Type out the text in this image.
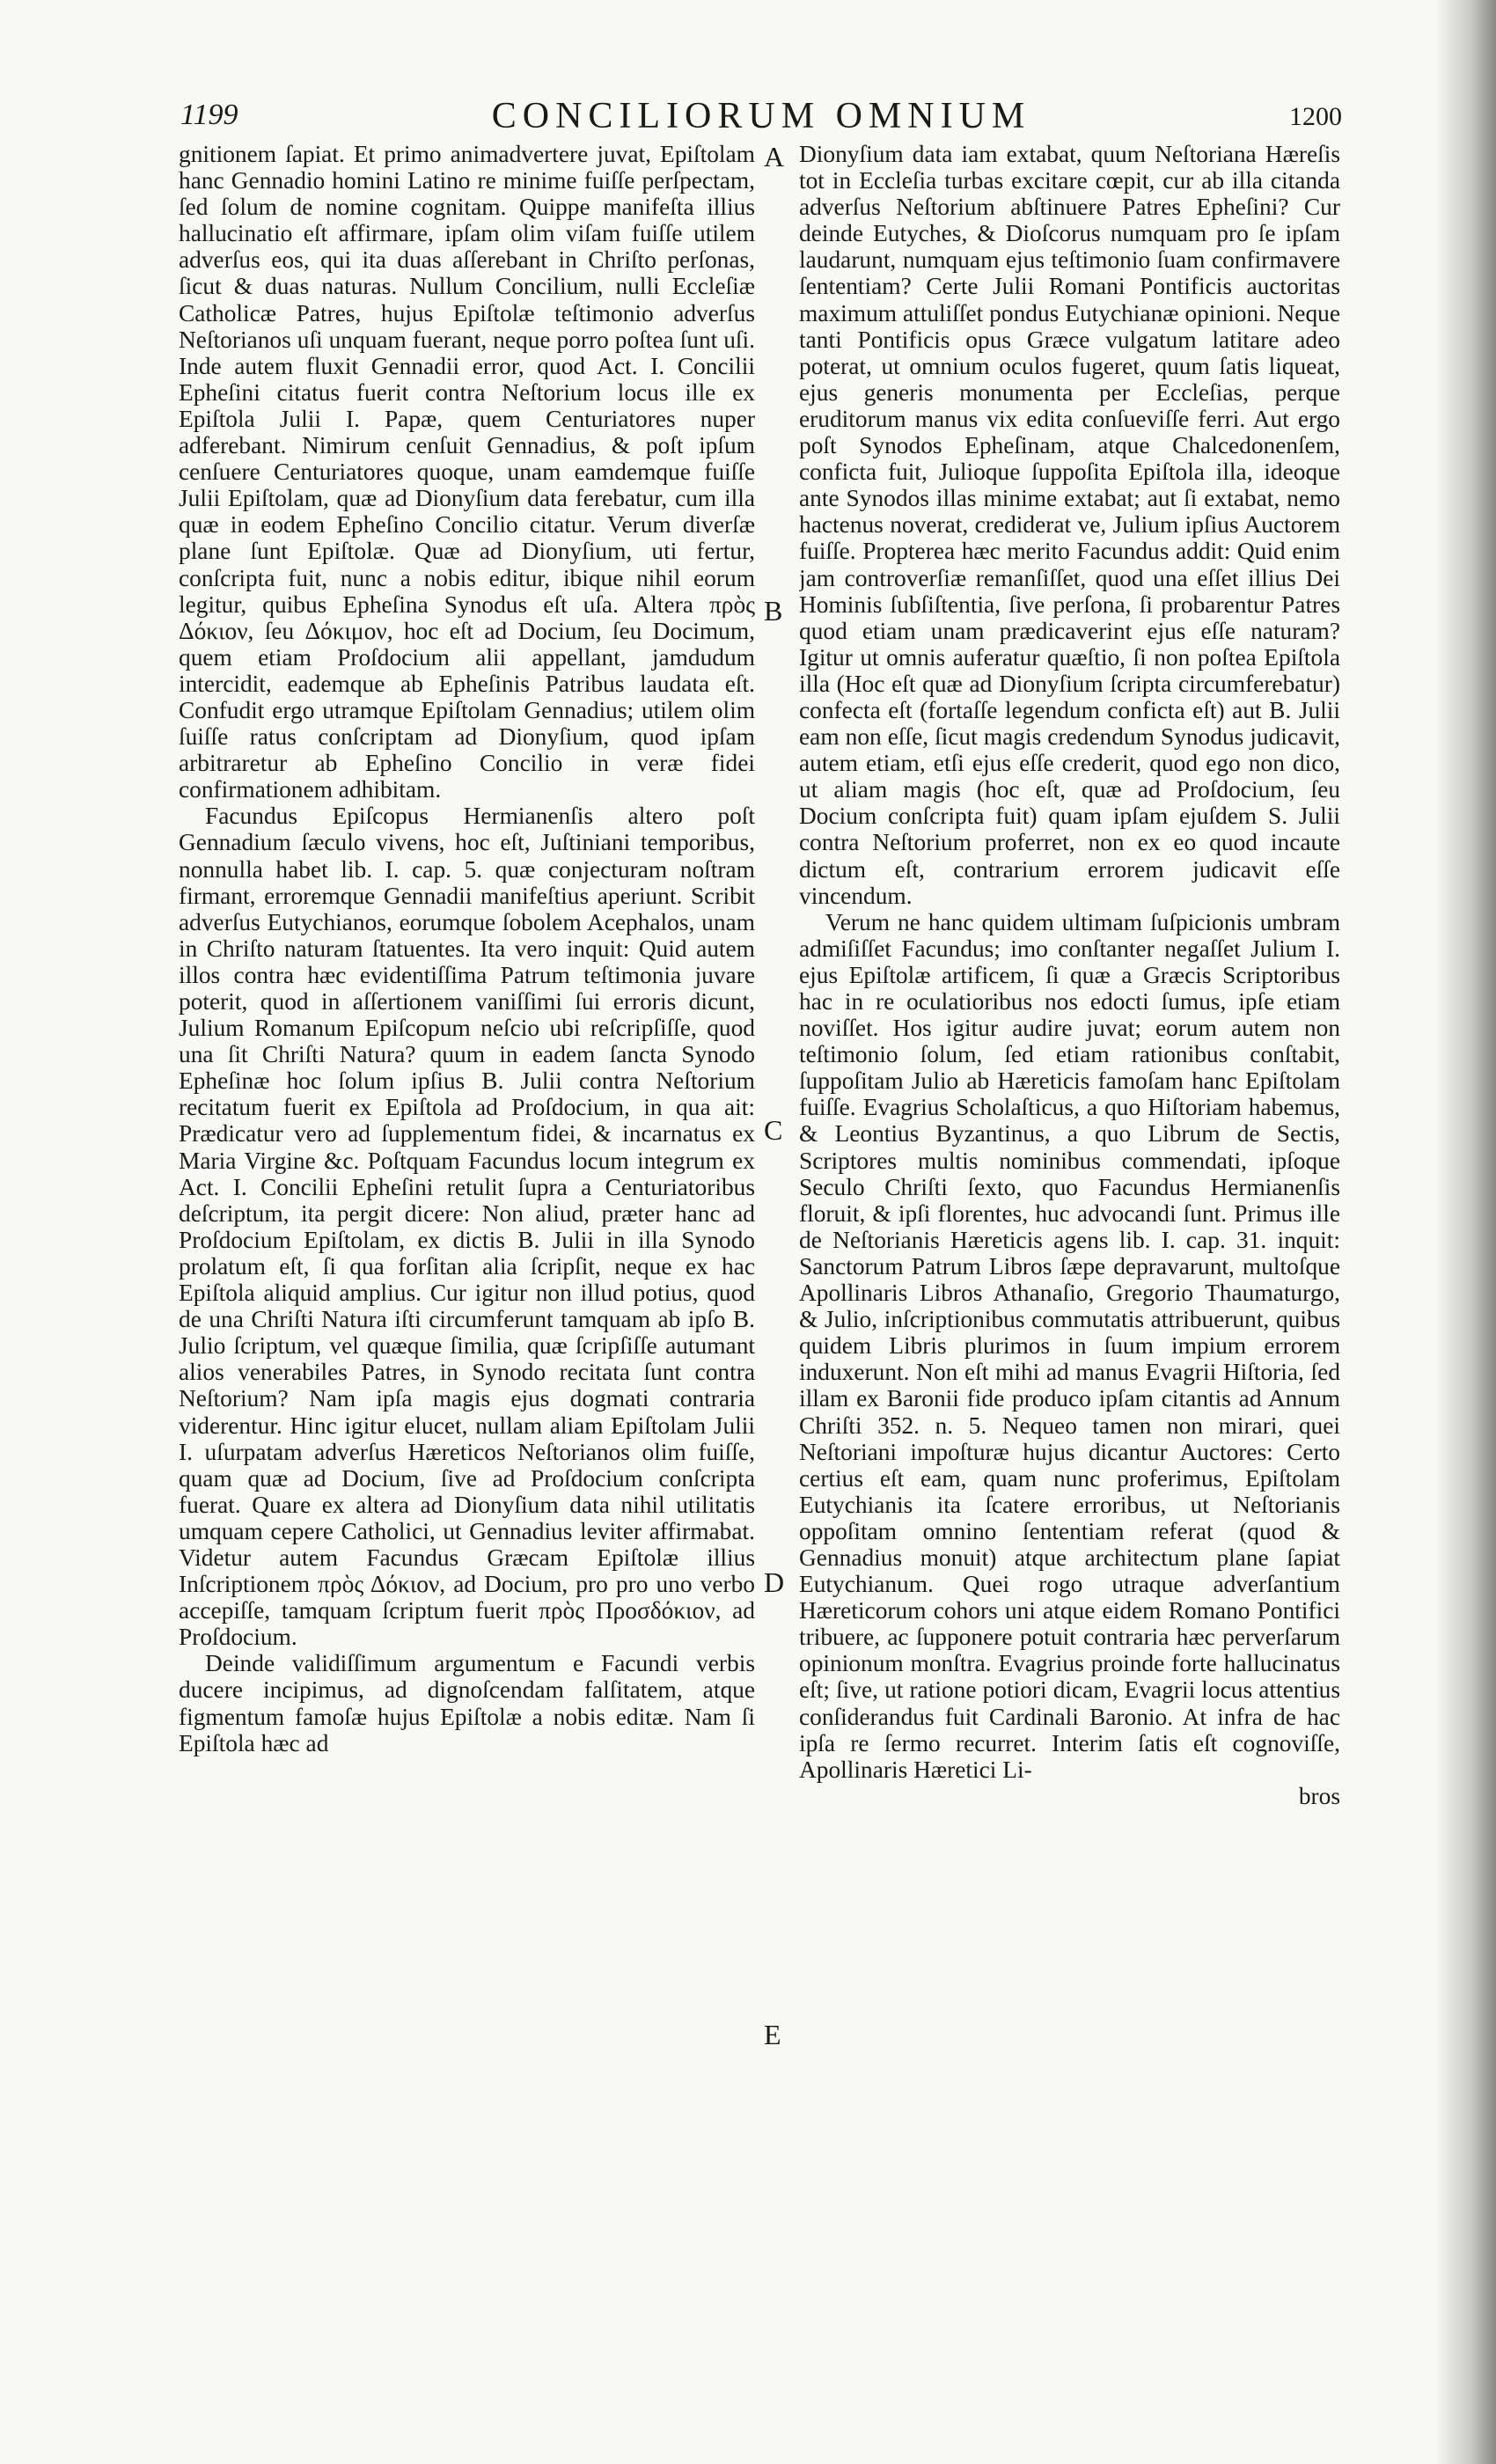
1199	CONCILIORUM OMNIUM	1200

gnitionem ſapiat. Et primo animadvertere juvat, Epiſtolam hanc Gennadio homini Latino re minime fuiſſe perſpectam, ſed ſolum de nomine cognitam. Quippe manifeſta illius hallucinatio eſt affirmare, ipſam olim viſam fuiſſe utilem adverſus eos, qui ita duas aſſerebant in Chriſto perſonas, ſicut & duas naturas. Nullum Concilium, nulli Eccleſiæ Catholicæ Patres, hujus Epiſtolæ teſtimonio adverſus Neſtorianos uſi unquam fuerant, neque porro poſtea ſunt uſi. Inde autem fluxit Gennadii error, quod Act. I. Concilii Epheſini citatus fuerit contra Neſtorium locus ille ex Epiſtola Julii I. Papæ, quem Centuriatores nuper adferebant. Nimirum cenſuit Gennadius, & poſt ipſum cenſuere Centuriatores quoque, unam eamdemque fuiſſe Julii Epiſtolam, quæ ad Dionyſium data ferebatur, cum illa quæ in eodem Epheſino Concilio citatur. Verum diverſæ plane ſunt Epiſtolæ. Quæ ad Dionyſium, uti fertur, conſcripta fuit, nunc a nobis editur, ibique nihil eorum legitur, quibus Epheſina Synodus eſt uſa. Altera πρὸς Δόκιον, ſeu Δόκιμον, hoc eſt ad Docium, ſeu Docimum, quem etiam Proſdocium alii appellant, jamdudum intercidit, eademque ab Epheſinis Patribus laudata eſt. Confudit ergo utramque Epiſtolam Gennadius; utilem olim ſuiſſe ratus conſcriptam ad Dionyſium, quod ipſam arbitraretur ab Epheſino Concilio in veræ fidei confirmationem adhibitam.

Facundus Epiſcopus Hermianenſis altero poſt Gennadium ſæculo vivens, hoc eſt, Juſtiniani temporibus, nonnulla habet lib. I. cap. 5. quæ conjecturam noſtram firmant, erroremque Gennadii manifeſtius aperiunt. Scribit adverſus Eutychianos, eorumque ſobolem Acephalos, unam in Chriſto naturam ſtatuentes. Ita vero inquit: Quid autem illos contra hæc evidentiſſima Patrum teſtimonia juvare poterit, quod in aſſertionem vaniſſimi ſui erroris dicunt, Julium Romanum Epiſcopum neſcio ubi reſcripſiſſe, quod una ſit Chriſti Natura? quum in eadem ſancta Synodo Epheſinæ hoc ſolum ipſius B. Julii contra Neſtorium recitatum fuerit ex Epiſtola ad Proſdocium, in qua ait: Prædicatur vero ad ſupplementum fidei, & incarnatus ex Maria Virgine &c. Poſtquam Facundus locum integrum ex Act. I. Concilii Epheſini retulit ſupra a Centuriatoribus deſcriptum, ita pergit dicere: Non aliud, præter hanc ad Proſdocium Epiſtolam, ex dictis B. Julii in illa Synodo prolatum eſt, ſi qua forſitan alia ſcripſit, neque ex hac Epiſtola aliquid amplius. Cur igitur non illud potius, quod de una Chriſti Natura iſti circumferunt tamquam ab ipſo B. Julio ſcriptum, vel quæque ſimilia, quæ ſcripſiſſe autumant alios venerabiles Patres, in Synodo recitata ſunt contra Neſtorium? Nam ipſa magis ejus dogmati contraria viderentur. Hinc igitur elucet, nullam aliam Epiſtolam Julii I. uſurpatam adverſus Hæreticos Neſtorianos olim fuiſſe, quam quæ ad Docium, ſive ad Proſdocium conſcripta fuerat. Quare ex altera ad Dionyſium data nihil utilitatis umquam cepere Catholici, ut Gennadius leviter affirmabat. Videtur autem Facundus Græcam Epiſtolæ illius Inſcriptionem πρὸς Δόκιον, ad Docium, pro pro uno verbo accepiſſe, tamquam ſcriptum fuerit πρὸς Προσδόκιον, ad Proſdocium.

Deinde validiſſimum argumentum e Facundi verbis ducere incipimus, ad dignoſcendam falſitatem, atque figmentum famoſæ hujus Epiſtolæ a nobis editæ. Nam ſi Epiſtola hæc ad

A
B
C
D
E

Dionyſium data iam extabat, quum Neſtoriana Hæreſis tot in Eccleſia turbas excitare cœpit, cur ab illa citanda adverſus Neſtorium abſtinuere Patres Epheſini? Cur deinde Eutyches, & Dioſcorus numquam pro ſe ipſam laudarunt, numquam ejus teſtimonio ſuam confirmavere ſententiam? Certe Julii Romani Pontificis auctoritas maximum attuliſſet pondus Eutychianæ opinioni. Neque tanti Pontificis opus Græce vulgatum latitare adeo poterat, ut omnium oculos fugeret, quum ſatis liqueat, ejus generis monumenta per Eccleſias, perque eruditorum manus vix edita conſueviſſe ferri. Aut ergo poſt Synodos Epheſinam, atque Chalcedonenſem, conficta fuit, Julioque ſuppoſita Epiſtola illa, ideoque ante Synodos illas minime extabat; aut ſi extabat, nemo hactenus noverat, crediderat ve, Julium ipſius Auctorem fuiſſe. Propterea hæc merito Facundus addit: Quid enim jam controverſiæ remanſiſſet, quod una eſſet illius Dei Hominis ſubſiſtentia, ſive perſona, ſi probarentur Patres quod etiam unam prædicaverint ejus eſſe naturam? Igitur ut omnis auferatur quæſtio, ſi non poſtea Epiſtola illa (Hoc eſt quæ ad Dionyſium ſcripta circumferebatur) confecta eſt (fortaſſe legendum conficta eſt) aut B. Julii eam non eſſe, ſicut magis credendum Synodus judicavit, autem etiam, etſi ejus eſſe crederit, quod ego non dico, ut aliam magis (hoc eſt, quæ ad Proſdocium, ſeu Docium conſcripta fuit) quam ipſam ejuſdem S. Julii contra Neſtorium proferret, non ex eo quod incaute dictum eſt, contrarium errorem judicavit eſſe vincendum.

Verum ne hanc quidem ultimam ſuſpicionis umbram admiſiſſet Facundus; imo conſtanter negaſſet Julium I. ejus Epiſtolæ artificem, ſi quæ a Græcis Scriptoribus hac in re oculatioribus nos edocti ſumus, ipſe etiam noviſſet. Hos igitur audire juvat; eorum autem non teſtimonio ſolum, ſed etiam rationibus conſtabit, ſuppoſitam Julio ab Hæreticis famoſam hanc Epiſtolam fuiſſe. Evagrius Scholaſticus, a quo Hiſtoriam habemus, & Leontius Byzantinus, a quo Librum de Sectis, Scriptores multis nominibus commendati, ipſoque Seculo Chriſti ſexto, quo Facundus Hermianenſis floruit, & ipſi florentes, huc advocandi ſunt. Primus ille de Neſtorianis Hæreticis agens lib. I. cap. 31. inquit: Sanctorum Patrum Libros ſæpe depravarunt, multoſque Apollinaris Libros Athanaſio, Gregorio Thaumaturgo, & Julio, inſcriptionibus commutatis attribuerunt, quibus quidem Libris plurimos in ſuum impium errorem induxerunt. Non eſt mihi ad manus Evagrii Hiſtoria, ſed illam ex Baronii fide produco ipſam citantis ad Annum Chriſti 352. n. 5. Nequeo tamen non mirari, quei Neſtoriani impoſturæ hujus dicantur Auctores: Certo certius eſt eam, quam nunc proferimus, Epiſtolam Eutychianis ita ſcatere erroribus, ut Neſtorianis oppoſitam omnino ſententiam referat (quod & Gennadius monuit) atque architectum plane ſapiat Eutychianum. Quei rogo utraque adverſantium Hæreticorum cohors uni atque eidem Romano Pontifici tribuere, ac ſupponere potuit contraria hæc perverſarum opinionum monſtra. Evagrius proinde forte hallucinatus eſt; ſive, ut ratione potiori dicam, Evagrii locus attentius conſiderandus fuit Cardinali Baronio. At infra de hac ipſa re ſermo recurret. Interim ſatis eſt cognoviſſe, Apollinaris Hæretici Li-

bros
